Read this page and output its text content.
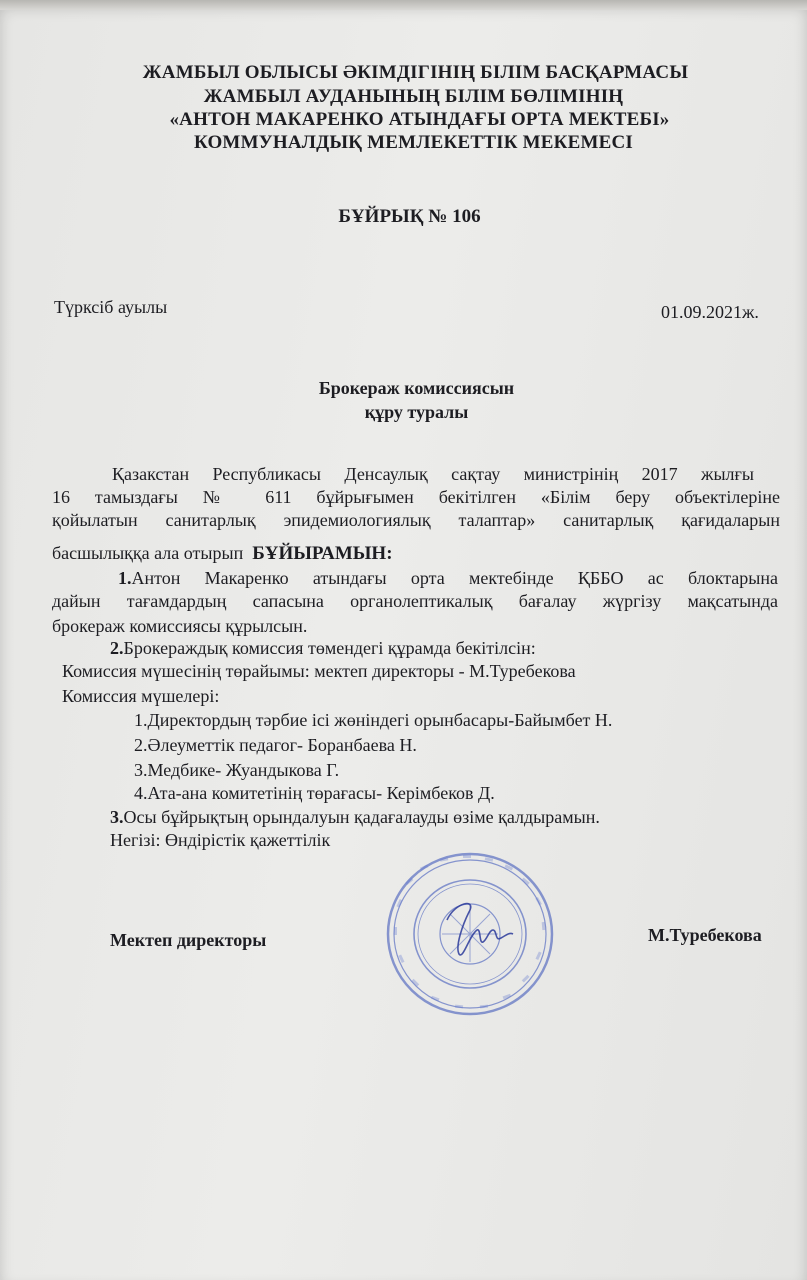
ЖАМБЫЛ ОБЛЫСЫ ӘКІМДІГІНІҢ БІЛІМ БАСҚАРМАСЫ
ЖАМБЫЛ АУДАНЫНЫҢ БІЛІМ БӨЛІМІНІҢ
«АНТОН МАКАРЕНКО АТЫНДАҒЫ ОРТА МЕКТЕБІ»
КОММУНАЛДЫҚ МЕМЛЕКЕТТІК МЕКЕМЕСІ
БҰЙРЫҚ № 106
Түрксіб ауылы	01.09.2021ж.
Брокераж комиссиясын
құру туралы
Қазакстан Республикасы Денсаулық сақтау министрінің 2017 жылғы
16 тамыздағы № 611 бұйрығымен бекітілген «Білім беру объектілеріне
қойылатын санитарлық эпидемиологиялық талаптар» санитарлық қағидаларын
басшылыққа ала отырып БҰЙЫРАМЫН:
1.Антон Макаренко атындағы орта мектебінде ҚББО ас блоктарына
дайын тағамдардың сапасына органолептикалық бағалау жүргізу мақсатында
брокераж комиссиясы құрылсын.
2.Брокераждық комиссия төмендегі құрамда бекітілсін:
Комиссия мүшесінің төрайымы: мектеп директоры - М.Туребекова
Комиссия мүшелері:
1.Директордың тәрбие ісі жөніндегі орынбасары-Байымбет Н.
2.Әлеуметтік педагог- Боранбаева Н.
3.Медбике- Жуандыкова Г.
4.Ата-ана комитетінің төрағасы- Керімбеков Д.
3.Осы бұйрықтың орындалуын қадағалауды өзіме қалдырамын.
Негізі: Өндірістік қажеттілік
Мектеп директоры	М.Туребекова
